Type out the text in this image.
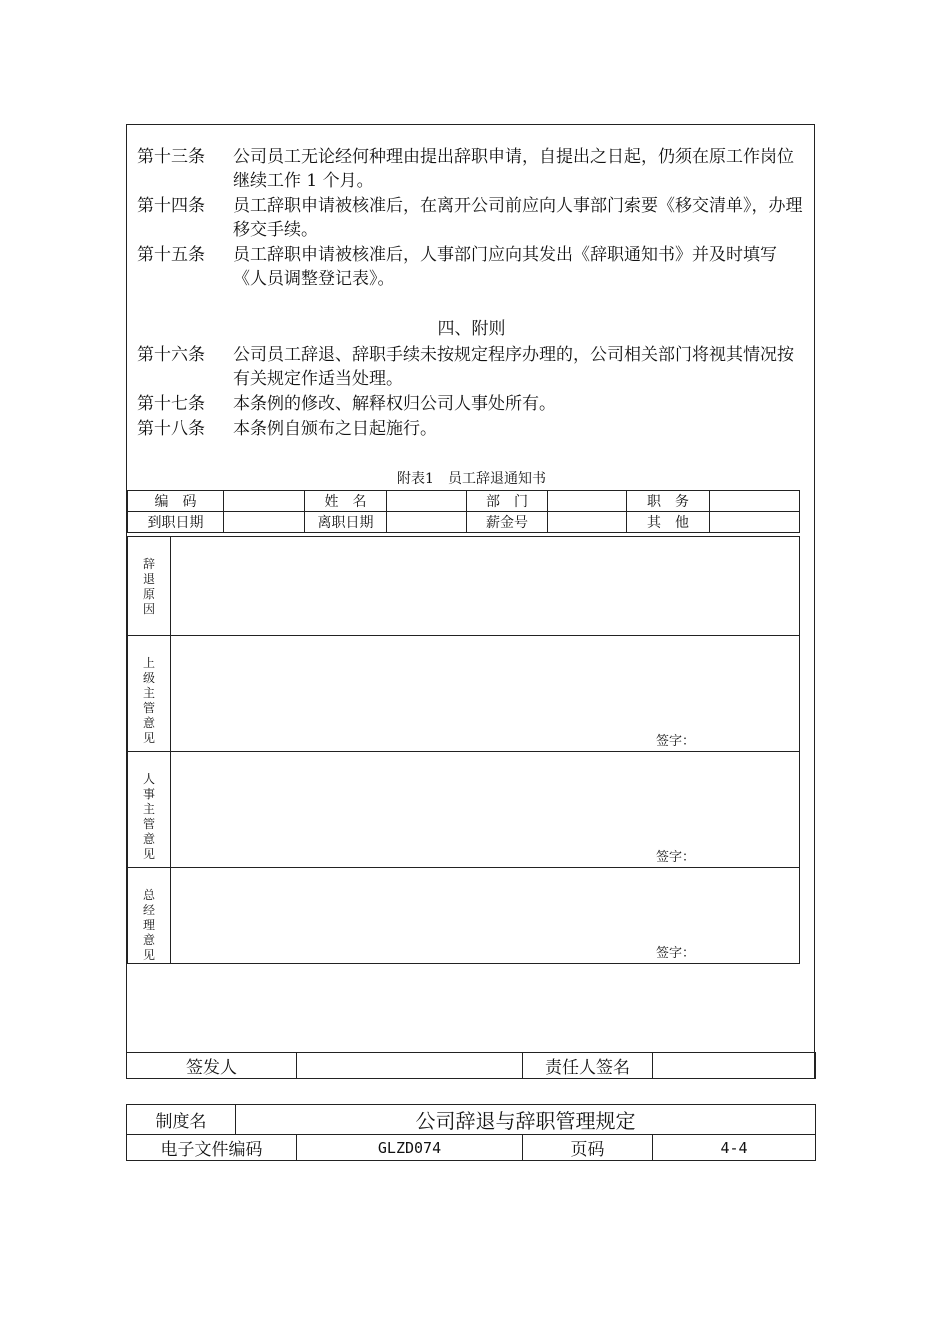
第十三条	公司员工无论经何种理由提出辞职申请，自提出之日起，仍须在原工作岗位继续工作 1 个月。
第十四条	员工辞职申请被核准后，在离开公司前应向人事部门索要《移交清单》，办理移交手续。
第十五条	员工辞职申请被核准后，人事部门应向其发出《辞职通知书》并及时填写《人员调整登记表》。
四、附则
第十六条	公司员工辞退、辞职手续未按规定程序办理的，公司相关部门将视其情况按有关规定作适当处理。
第十七条	本条例的修改、解释权归公司人事处所有。
第十八条	本条例自颁布之日起施行。
附表1　员工辞退通知书
编　码		姓　名		部　门		职　务	
到职日期		离职日期		薪金号		其　他	
辞退原因	

上级主管意见	签字：

人事主管意见	签字：

总经理意见	签字：
签发人		责任人签名	
制度名	公司辞退与辞职管理规定			
电子文件编码		GLZD074	页码	4-4
